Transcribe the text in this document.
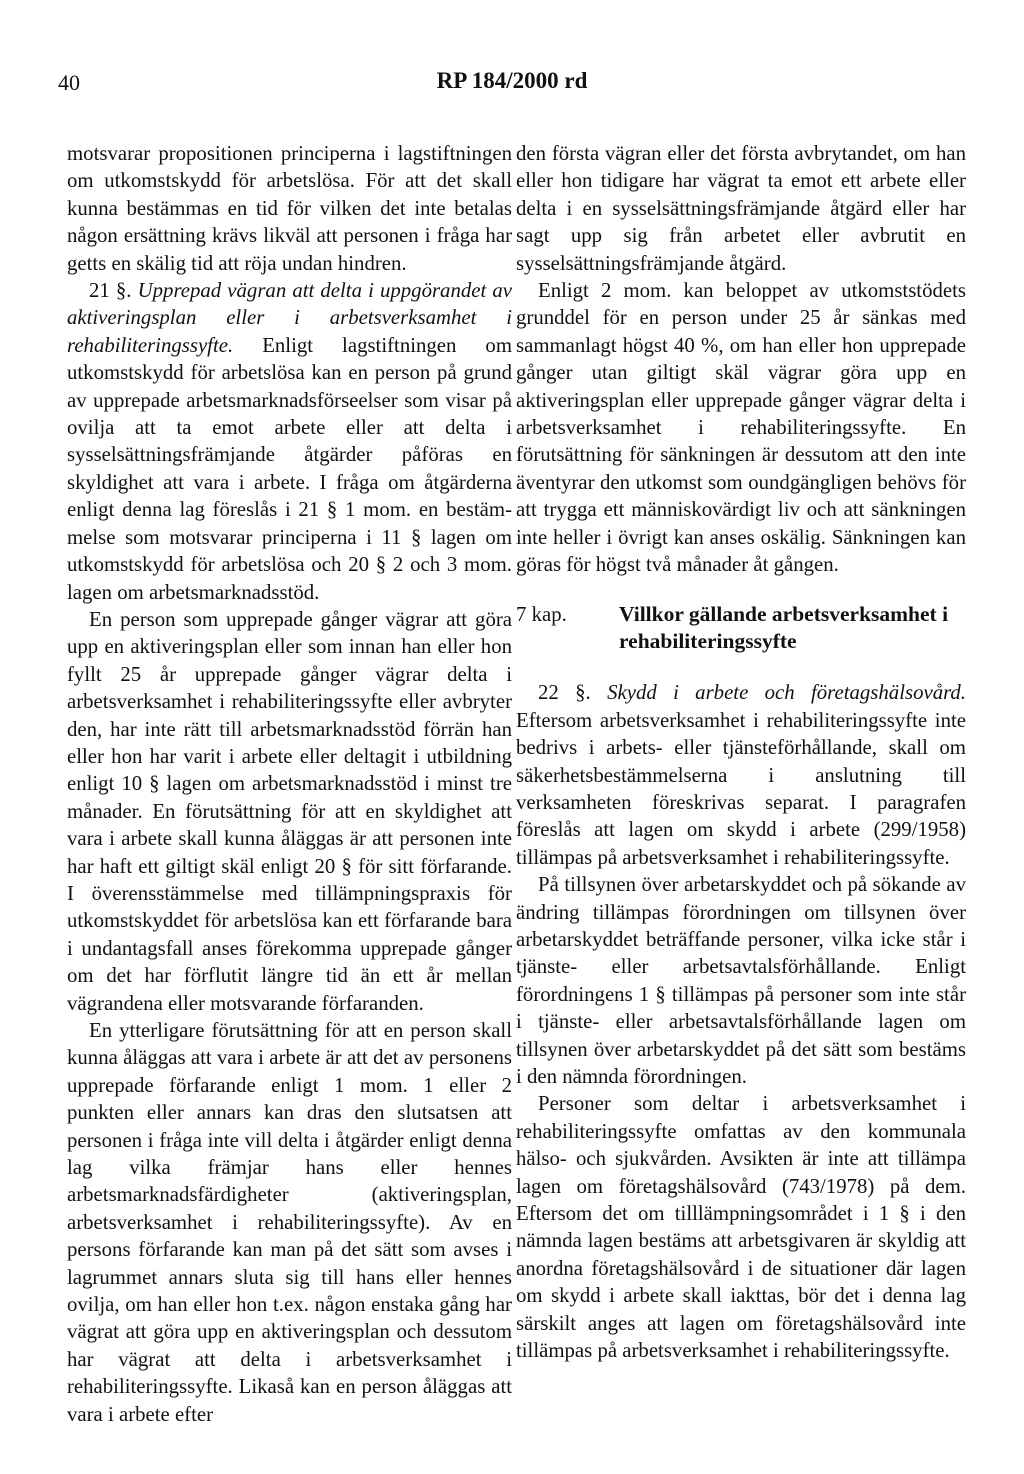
40	RP 184/2000 rd

motsvarar propositionen principerna i lagstiftningen om utkomstskydd för arbetslösa. För att det skall kunna bestämmas en tid för vilken det inte betalas någon ersättning krävs likväl att personen i fråga har getts en skälig tid att röja undan hindren.

21 §. Upprepad vägran att delta i uppgörandet av aktiveringsplan eller i arbetsverksamhet i rehabiliteringssyfte. Enligt lagstiftningen om utkomstskydd för arbetslösa kan en person på grund av upprepade arbetsmarknadsförseelser som visar på ovilja att ta emot arbete eller att delta i sysselsättningsfrämjande åtgärder påföras en skyldighet att vara i arbete. I fråga om åtgärderna enligt denna lag föreslås i 21 § 1 mom. en bestämmelse som motsvarar principerna i 11 § lagen om utkomstskydd för arbetslösa och 20 § 2 och 3 mom. lagen om arbetsmarknadsstöd.

En person som upprepade gånger vägrar att göra upp en aktiveringsplan eller som innan han eller hon fyllt 25 år upprepade gånger vägrar delta i arbetsverksamhet i rehabiliteringssyfte eller avbryter den, har inte rätt till arbetsmarknadsstöd förrän han eller hon har varit i arbete eller deltagit i utbildning enligt 10 § lagen om arbetsmarknadsstöd i minst tre månader. En förutsättning för att en skyldighet att vara i arbete skall kunna åläggas är att personen inte har haft ett giltigt skäl enligt 20 § för sitt förfarande. I överensstämmelse med tillämpningspraxis för utkomstskyddet för arbetslösa kan ett förfarande bara i undantagsfall anses förekomma upprepade gånger om det har förflutit längre tid än ett år mellan vägrandena eller motsvarande förfaranden.

En ytterligare förutsättning för att en person skall kunna åläggas att vara i arbete är att det av personens upprepade förfarande enligt 1 mom. 1 eller 2 punkten eller annars kan dras den slutsatsen att personen i fråga inte vill delta i åtgärder enligt denna lag vilka främjar hans eller hennes arbetsmarknadsfärdigheter (aktiveringsplan, arbetsverksamhet i rehabiliteringssyfte). Av en persons förfarande kan man på det sätt som avses i lagrummet annars sluta sig till hans eller hennes ovilja, om han eller hon t.ex. någon enstaka gång har vägrat att göra upp en aktiveringsplan och dessutom har vägrat att delta i arbetsverksamhet i rehabiliteringssyfte. Likaså kan en person åläggas att vara i arbete efter

den första vägran eller det första avbrytandet, om han eller hon tidigare har vägrat ta emot ett arbete eller delta i en sysselsättningsfrämjande åtgärd eller har sagt upp sig från arbetet eller avbrutit en sysselsättningsfrämjande åtgärd.

Enligt 2 mom. kan beloppet av utkomststödets grunddel för en person under 25 år sänkas med sammanlagt högst 40 %, om han eller hon upprepade gånger utan giltigt skäl vägrar göra upp en aktiveringsplan eller upprepade gånger vägrar delta i arbetsverksamhet i rehabiliteringssyfte. En förutsättning för sänkningen är dessutom att den inte äventyrar den utkomst som oundgängligen behövs för att trygga ett människovärdigt liv och att sänkningen inte heller i övrigt kan anses oskälig. Sänkningen kan göras för högst två månader åt gången.

7 kap.	Villkor gällande arbetsverksamhet i rehabiliteringssyfte

22 §. Skydd i arbete och företagshälsovård. Eftersom arbetsverksamhet i rehabiliteringssyfte inte bedrivs i arbets- eller tjänsteförhållande, skall om säkerhetsbestämmelserna i anslutning till verksamheten föreskrivas separat. I paragrafen föreslås att lagen om skydd i arbete (299/1958) tillämpas på arbetsverksamhet i rehabiliteringssyfte.

På tillsynen över arbetarskyddet och på sökande av ändring tillämpas förordningen om tillsynen över arbetarskyddet beträffande personer, vilka icke står i tjänste- eller arbetsavtalsförhållande. Enligt förordningens 1 § tillämpas på personer som inte står i tjänste- eller arbetsavtalsförhållande lagen om tillsynen över arbetarskyddet på det sätt som bestäms i den nämnda förordningen.

Personer som deltar i arbetsverksamhet i rehabiliteringssyfte omfattas av den kommunala hälso- och sjukvården. Avsikten är inte att tillämpa lagen om företagshälsovård (743/1978) på dem. Eftersom det om tilllämpningsområdet i 1 § i den nämnda lagen bestäms att arbetsgivaren är skyldig att anordna företagshälsovård i de situationer där lagen om skydd i arbete skall iakttas, bör det i denna lag särskilt anges att lagen om företagshälsovård inte tillämpas på arbetsverksamhet i rehabiliteringssyfte.
